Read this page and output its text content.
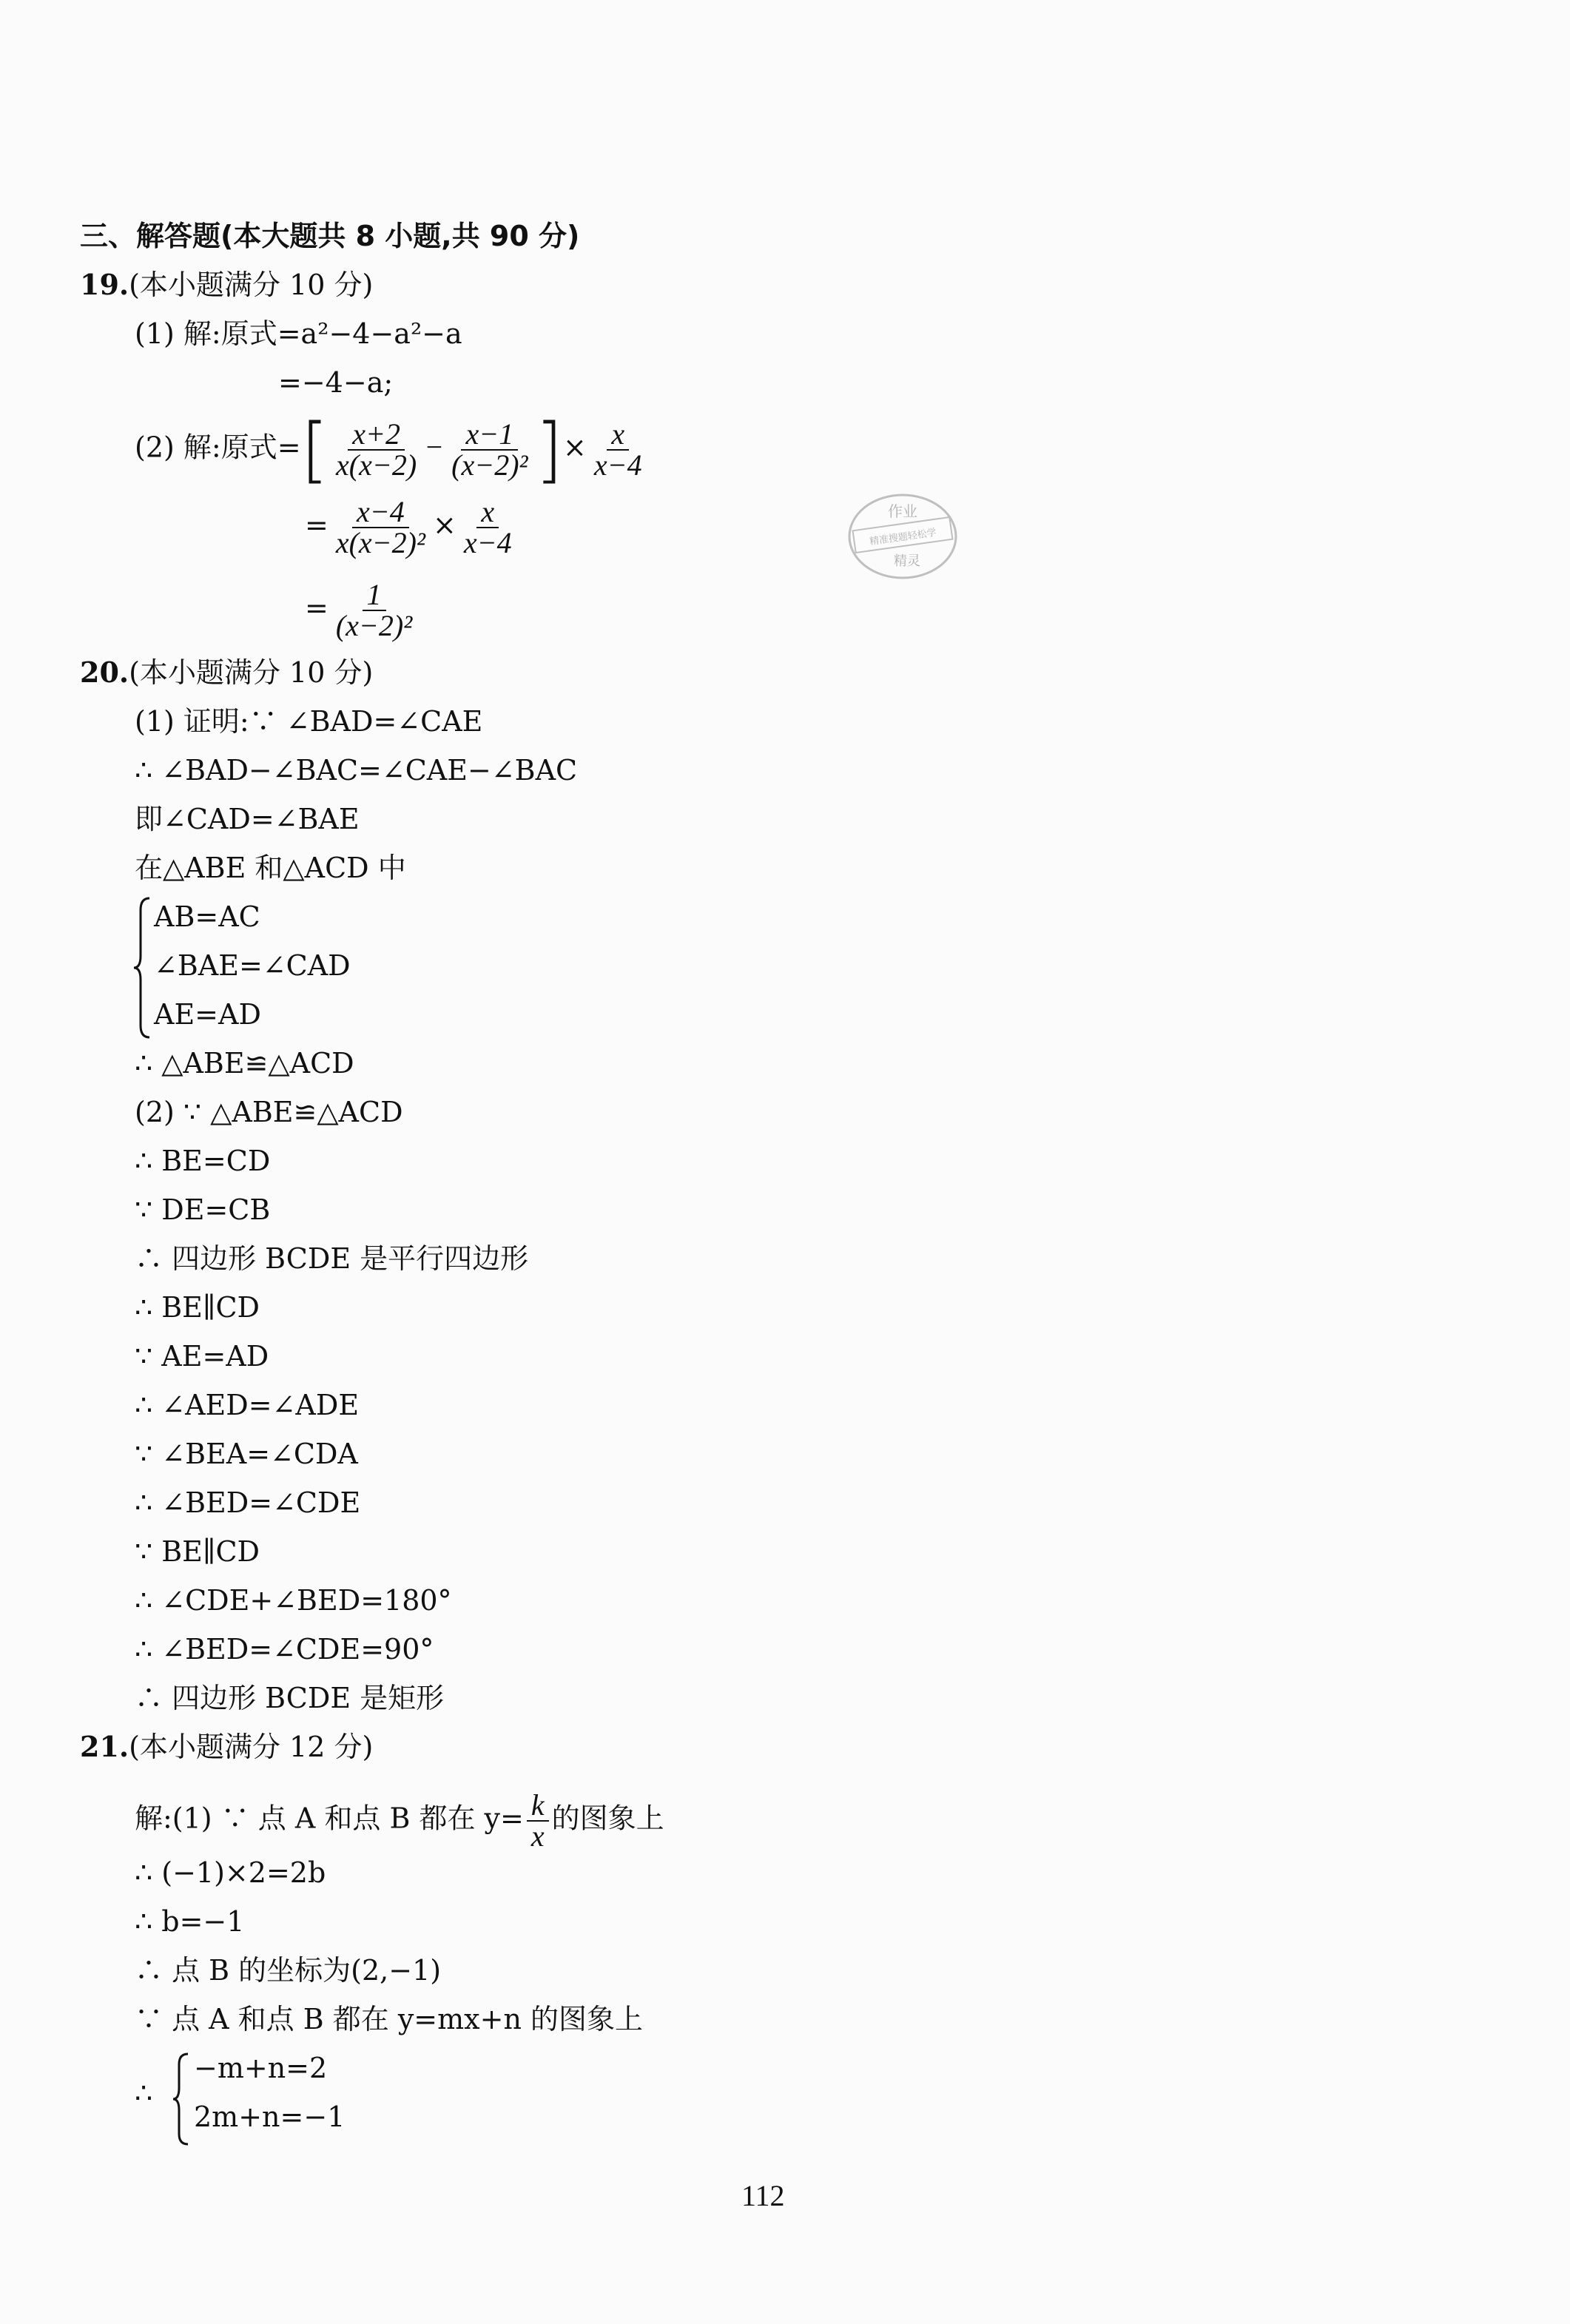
三、解答题(本大题共 8 小题,共 90 分)
19.(本小题满分 10 分)
(1) 解:原式=a²−4−a²−a
=−4−a;
(2) 解:原式=[ $\frac{x+2}{x(x-2)} - \frac{x-1}{\text{(x−2)²}}$ ]× $\frac{x}{x-4}$
= $\frac{x-4}{\text{x(x−2)²}} \times \frac{x}{x-4}$
= $\frac{1}{\text{(x−2)²}}$
作业
精准搜题轻松学
精灵
20.(本小题满分 10 分)
(1) 证明:∵ ∠BAD=∠CAE
∴ ∠BAD−∠BAC=∠CAE−∠BAC
即∠CAD=∠BAE
在△ABE 和△ACD 中
AB=AC
∠BAE=∠CAD
AE=AD
∴ △ABE≌△ACD
(2) ∵ △ABE≌△ACD
∴ BE=CD
∵ DE=CB
∴ 四边形 BCDE 是平行四边形
∴ BE∥CD
∵ AE=AD
∴ ∠AED=∠ADE
∵ ∠BEA=∠CDA
∴ ∠BED=∠CDE
∵ BE∥CD
∴ ∠CDE+∠BED=180°
∴ ∠BED=∠CDE=90°
∴ 四边形 BCDE 是矩形
21.(本小题满分 12 分)
解:(1) ∵ 点 A 和点 B 都在 $y= \frac{k}{x}$ 的图象上
∴ (−1)×2=2b
∴ b=−1
∴ 点 B 的坐标为(2,−1)
∵ 点 A 和点 B 都在 y=mx+n 的图象上
∴
−m+n=2
2m+n=−1
112
